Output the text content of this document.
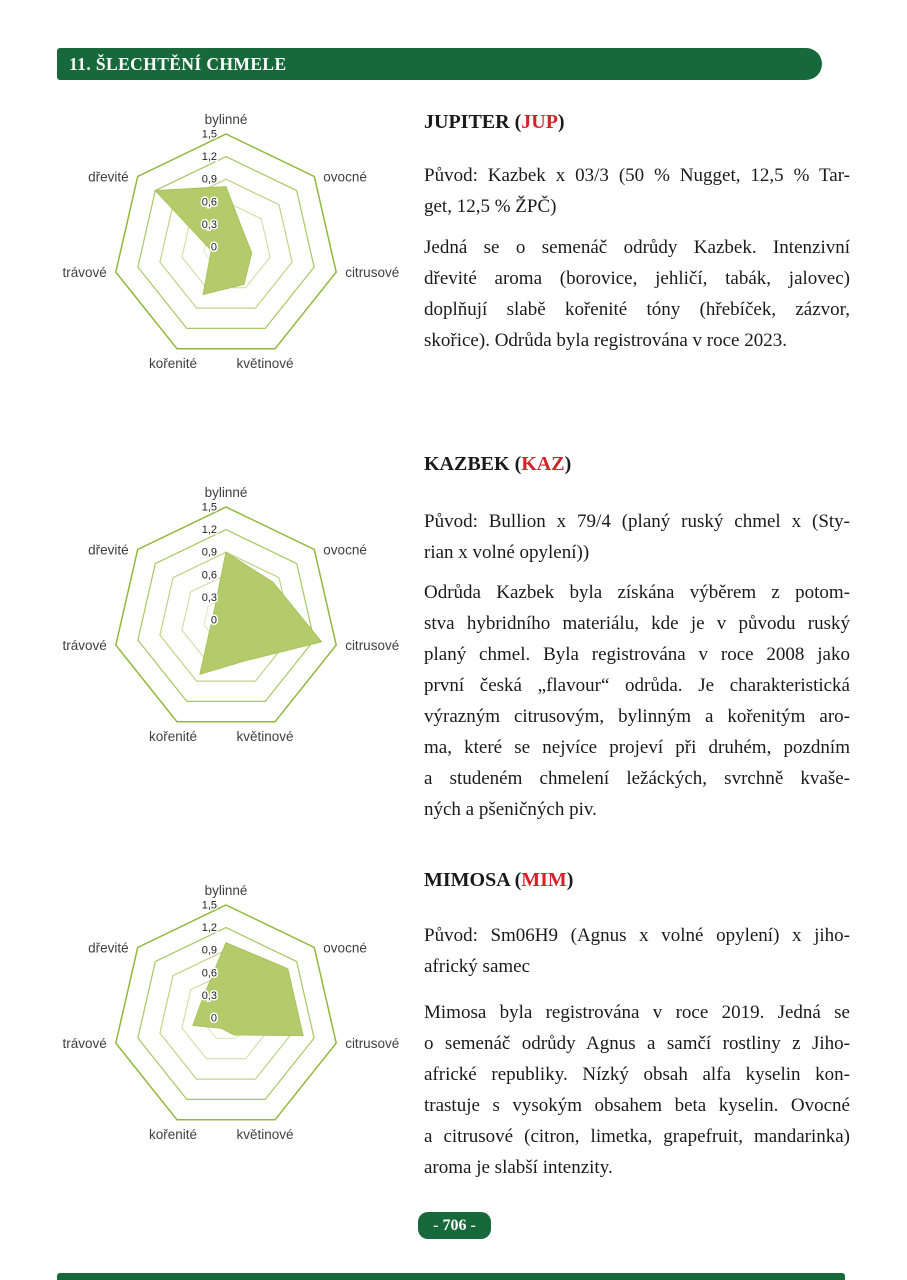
11. ŠLECHTĚNÍ CHMELE
0
0,3
0,6
0,9
1,2
1,5
bylinné
ovocné
citrusové
květinové
kořenité
trávové
dřevité
0
0,3
0,6
0,9
1,2
1,5
bylinné
ovocné
citrusové
květinové
kořenité
trávové
dřevité
0
0,3
0,6
0,9
1,2
1,5
bylinné
ovocné
citrusové
květinové
kořenité
trávové
dřevité
JUPITER (JUP)
Původ: Kazbek x 03/3 (50 % Nugget, 12,5 % Tar-
get, 12,5 % ŽPČ)
Jedná se o semenáč odrůdy Kazbek. Intenzivní
dřevité aroma (borovice, jehličí, tabák, jalovec)
doplňují slabě kořenité tóny (hřebíček, zázvor,
skořice). Odrůda byla registrována v roce 2023.
KAZBEK (KAZ)
Původ: Bullion x 79/4 (planý ruský chmel x (Sty-
rian x volné opylení))
Odrůda Kazbek byla získána výběrem z potom-
stva hybridního materiálu, kde je v původu ruský
planý chmel. Byla registrována v roce 2008 jako
první česká „flavour“ odrůda. Je charakteristická
výrazným citrusovým, bylinným a kořenitým aro-
ma, které se nejvíce projeví při druhém, pozdním
a studeném chmelení ležáckých, svrchně kvaše-
ných a pšeničných piv.
MIMOSA (MIM)
Původ: Sm06H9 (Agnus x volné opylení) x jiho-
africký samec
Mimosa byla registrována v roce 2019. Jedná se
o semenáč odrůdy Agnus a samčí rostliny z Jiho-
africké republiky. Nízký obsah alfa kyselin kon-
trastuje s vysokým obsahem beta kyselin. Ovocné
a citrusové (citron, limetka, grapefruit, mandarinka)
aroma je slabší intenzity.
- 706 -
